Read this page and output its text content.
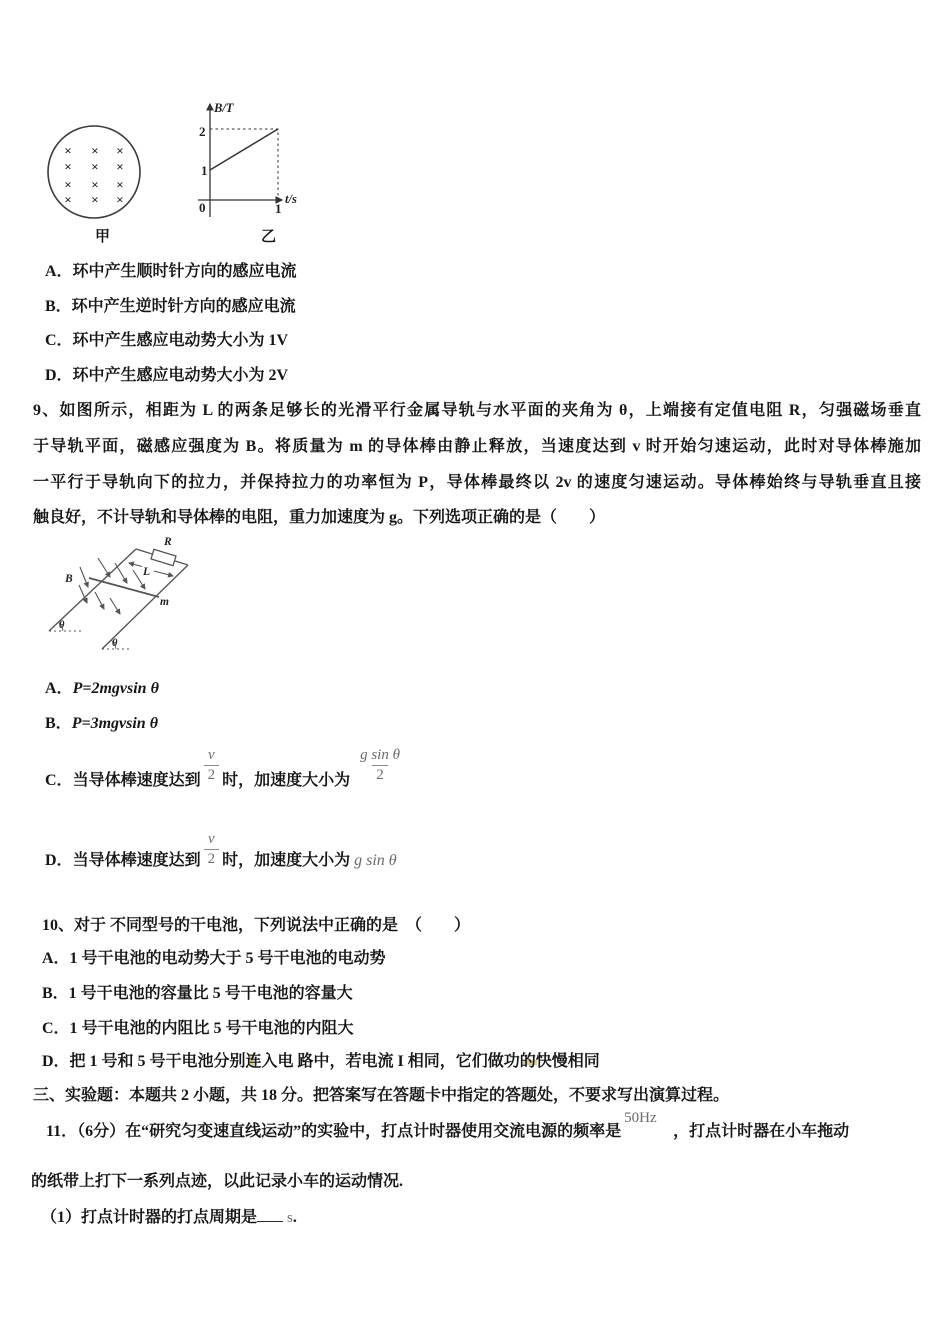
× × ×
× × ×
× × ×
× × ×
甲
B/T
2
1
0	1
t/s
乙
A．环中产生顺时针方向的感应电流
B．环中产生逆时针方向的感应电流
C．环中产生感应电动势大小为 1V
D．环中产生感应电动势大小为 2V
9、如图所示，相距为 L 的两条足够长的光滑平行金属导轨与水平面的夹角为 θ，上端接有定值电阻 R，匀强磁场垂直
于导轨平面，磁感应强度为 B。将质量为 m 的导体棒由静止释放，当速度达到 v 时开始匀速运动，此时对导体棒施加
一平行于导轨向下的拉力，并保持拉力的功率恒为 P，导体棒最终以 2v 的速度匀速运动。导体棒始终与导轨垂直且接
触良好，不计导轨和导体棒的电阻，重力加速度为 g。下列选项正确的是（　　）
R
L
m
B
θ
θ
A．P=2mgvsin θ
B．P=3mgvsin θ
C． 当导体棒速度达到 $\frac{v}{2}$ 时，加速度大小为 $\frac{\text{g sin θ}}{2}$
D． 当导体棒速度达到 $\frac{v}{2}$ 时，加速度大小为 g sin θ
10、对于 不同型号的干电池，下列说法中正确的是　（　　）
A．1 号干电池的电动势大于 5 号干电池的电动势
B．1 号干电池的容量比 5 号干电池的容量大
C．1 号干电池的内阻比 5 号干电池的内阻大
D．把 1 号和 5 号干电池分别连入电 路中，若电流 I 相同，它们做功的快慢相同
三、实验题：本题共 2 小题，共 18 分。把答案写在答题卡中指定的答题处，不要求写出演算过程。
11．（6分）在“研究匀变速直线运动”的实验中，打点计时器使用交流电源的频率是
50Hz
，打点计时器在小车拖动
的纸带上打下一系列点迹，以此记录小车的运动情况.
（1）打点计时器的打点周期是 s.
